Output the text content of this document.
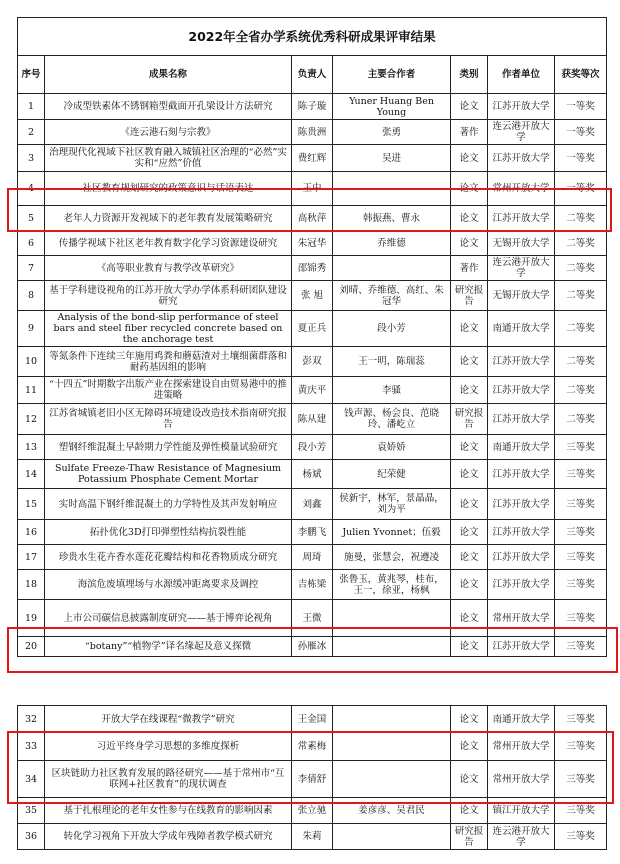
2022年全省办学系统优秀科研成果评审结果						
序号	成果名称	负责人	主要合作者	类别	作者单位	获奖等次
1	冷成型铁素体不锈钢箱型截面开孔梁设计方法研究	陈子璇	Yuner Huang Ben Young	论文	江苏开放大学	一等奖
2	《连云港石刻与宗教》	陈贵洲	张勇	著作	连云港开放大学	一等奖
3	治理现代化视域下社区教育融入城镇社区治理的“必然”实实和“应然”价值	费红辉	吴进	论文	江苏开放大学	一等奖
4	社区教育规划研究的政策意识与话语表达	王中		论文	常州开放大学	一等奖
5	老年人力资源开发视域下的老年教育发展策略研究	高秋萍	韩振燕、曹永	论文	江苏开放大学	二等奖
6	传播学视域下社区老年教育数字化学习资源建设研究	朱冠华	乔维德	论文	无锡开放大学	二等奖
7	《高等职业教育与教学改革研究》	邵锦秀		著作	连云港开放大学	二等奖
8	基于学科建设视角的江苏开放大学办学体系科研团队建设研究	张 旭	刘晴、乔维德、高红、朱冠华	研究报告	无锡开放大学	二等奖
9	Analysis of the bond-slip performance of steel bars and steel fiber recycled concrete based on the anchorage test	夏正兵	段小芳	论文	南通开放大学	二等奖
10	等氮条件下连续三年施用鸡粪和蘑菇渣对土壤细菌群落和耐药基因组的影响	彭双	王一明，陈瑞蕊	论文	江苏开放大学	二等奖
11	“十四五”时期数字出版产业在探索建设自由贸易港中的推进策略	黄庆平	李骚	论文	江苏开放大学	二等奖
12	江苏省城镇老旧小区无障碍环境建设改造技术指南研究报告	陈从建	钱声源、杨会良、范晓玲、潘屹立	研究报告	江苏开放大学	二等奖
13	塑钢纤维混凝土早龄期力学性能及弹性模量试验研究	段小芳	袁娇娇	论文	南通开放大学	三等奖
14	Sulfate Freeze-Thaw Resistance of Magnesium Potassium Phosphate Cement Mortar	杨斌	纪荣健	论文	江苏开放大学	三等奖
15	实时高温下钢纤维混凝土的力学特性及其声发射响应	刘鑫	侯新宇，林军，景晶晶，刘为平	论文	江苏开放大学	三等奖
16	拓扑优化3D打印弹塑性结构抗裂性能	李鹏飞	Julien Yvonnet；伍毅	论文	江苏开放大学	三等奖
17	珍贵水生花卉香水莲花花瓣结构和花香物质成分研究	周琦	施曼，张慧会，祝遵凌	论文	江苏开放大学	三等奖
18	海滨危废填埋场与水源缓冲距离要求及调控	吉栋梁	张鲁玉，黄兆琴，桂布，王一，徐亚，杨枫	论文	江苏开放大学	三等奖
19	上市公司碳信息披露制度研究——基于博弈论视角	王微		论文	常州开放大学	三等奖
20	“botany”“植物学”译名缘起及意义探微	孙雁冰		论文	江苏开放大学	三等奖
32	开放大学在线课程“微教学”研究	王金国		论文	南通开放大学	三等奖
33	习近平终身学习思想的多维度探析	常素梅		论文	常州开放大学	三等奖
34	区块链助力社区教育发展的路径研究——基于常州市“互联网+社区教育”的现状调查	李倩舒		论文	常州开放大学	三等奖
35	基于扎根理论的老年女性参与在线教育的影响因素	张立驰	姜彦彦、吴君民	论文	镇江开放大学	三等奖
36	转化学习视角下开放大学成年残障者教学模式研究	朱莉		研究报告	连云港开放大学	三等奖
